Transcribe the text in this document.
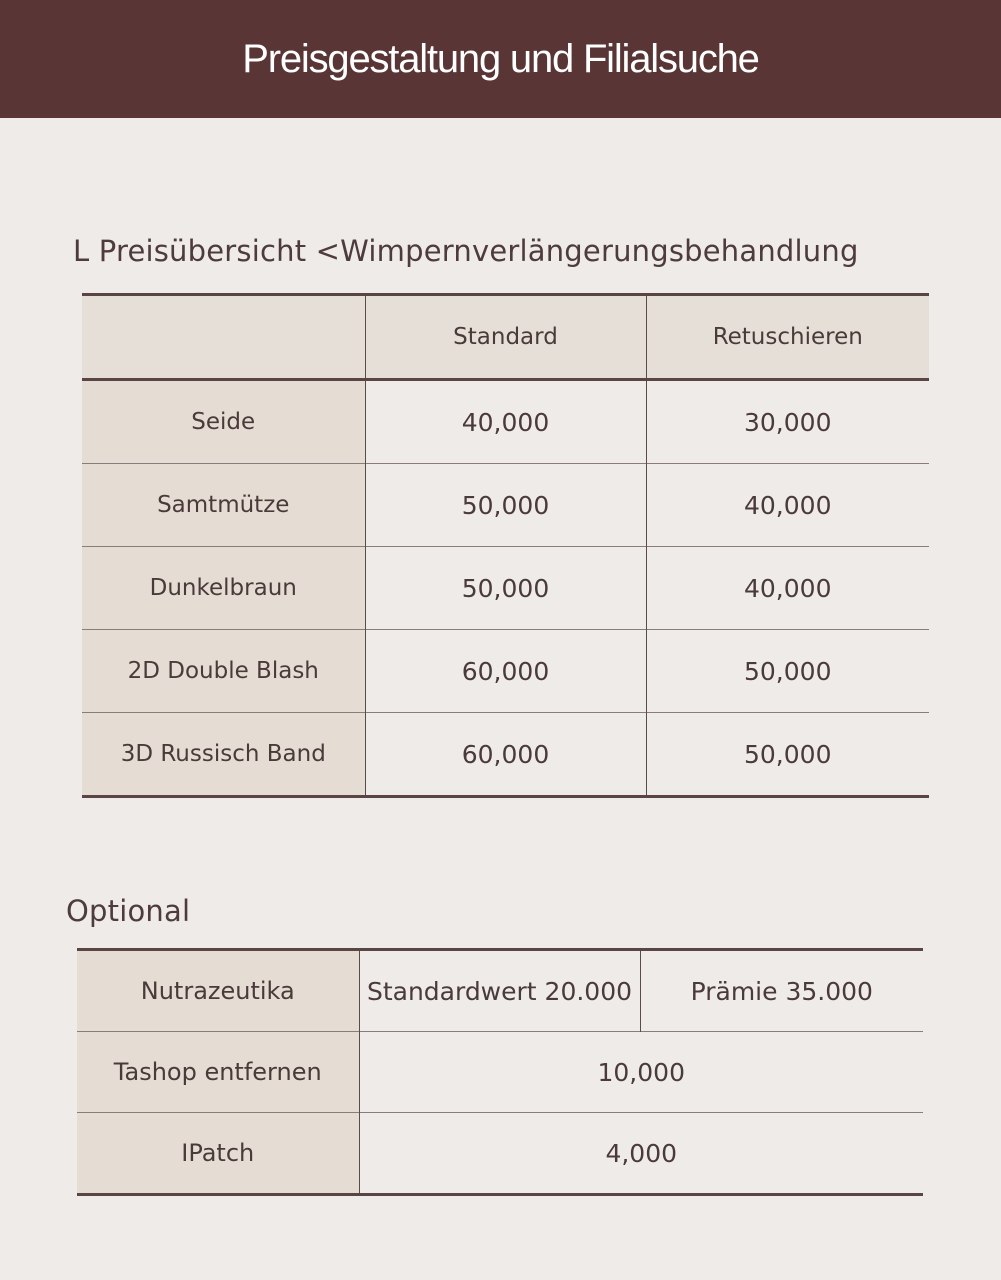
Preisgestaltung und Filialsuche
L Preisübersicht <Wimpernverlängerungsbehandlung
	Standard	Retuschieren
Seide	40,000	30,000
Samtmütze	50,000	40,000
Dunkelbraun	50,000	40,000
2D Double Blash	60,000	50,000
3D Russisch Band	60,000	50,000
Optional
Nutrazeutika	Standardwert 20.000	Prämie 35.000
Tashop entfernen	10,000	
IPatch	4,000	
